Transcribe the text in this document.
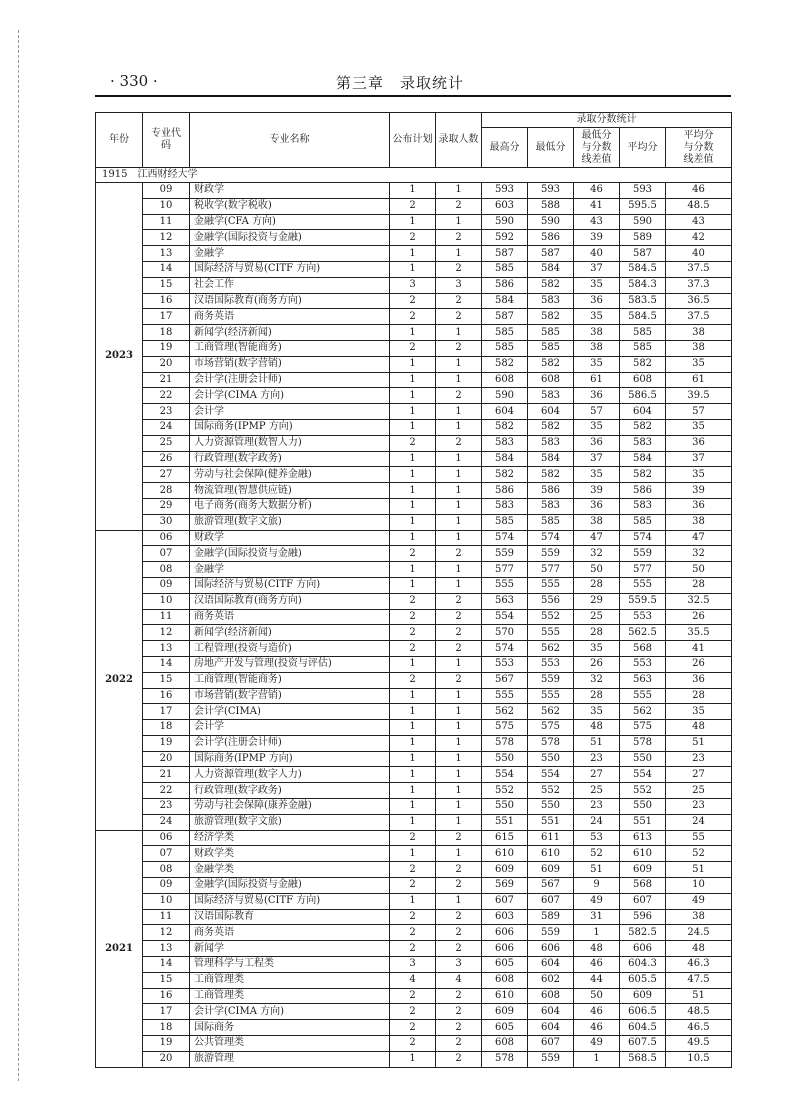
· 330 ·	第三章　录取统计
年份	专业代码	专业名称	公布计划	录取人数	录取分数统计				
					最高分	最低分	最低分与分数线差值	平均分	平均分与分数线差值
1915　江西财经大学									
2023	09	财政学	1	1	593	593	46	593	46
	10	税收学(数字税收)	2	2	603	588	41	595.5	48.5
	11	金融学(CFA 方向)	1	1	590	590	43	590	43
	12	金融学(国际投资与金融)	2	2	592	586	39	589	42
	13	金融学	1	1	587	587	40	587	40
	14	国际经济与贸易(CITF 方向)	1	2	585	584	37	584.5	37.5
	15	社会工作	3	3	586	582	35	584.3	37.3
	16	汉语国际教育(商务方向)	2	2	584	583	36	583.5	36.5
	17	商务英语	2	2	587	582	35	584.5	37.5
	18	新闻学(经济新闻)	1	1	585	585	38	585	38
	19	工商管理(智能商务)	2	2	585	585	38	585	38
	20	市场营销(数字营销)	1	1	582	582	35	582	35
	21	会计学(注册会计师)	1	1	608	608	61	608	61
	22	会计学(CIMA 方向)	1	2	590	583	36	586.5	39.5
	23	会计学	1	1	604	604	57	604	57
	24	国际商务(IPMP 方向)	1	1	582	582	35	582	35
	25	人力资源管理(数智人力)	2	2	583	583	36	583	36
	26	行政管理(数字政务)	1	1	584	584	37	584	37
	27	劳动与社会保障(健养金融)	1	1	582	582	35	582	35
	28	物流管理(智慧供应链)	1	1	586	586	39	586	39
	29	电子商务(商务大数据分析)	1	1	583	583	36	583	36
	30	旅游管理(数字文旅)	1	1	585	585	38	585	38
2022	06	财政学	1	1	574	574	47	574	47
	07	金融学(国际投资与金融)	2	2	559	559	32	559	32
	08	金融学	1	1	577	577	50	577	50
	09	国际经济与贸易(CITF 方向)	1	1	555	555	28	555	28
	10	汉语国际教育(商务方向)	2	2	563	556	29	559.5	32.5
	11	商务英语	2	2	554	552	25	553	26
	12	新闻学(经济新闻)	2	2	570	555	28	562.5	35.5
	13	工程管理(投资与造价)	2	2	574	562	35	568	41
	14	房地产开发与管理(投资与评估)	1	1	553	553	26	553	26
	15	工商管理(智能商务)	2	2	567	559	32	563	36
	16	市场营销(数字营销)	1	1	555	555	28	555	28
	17	会计学(CIMA)	1	1	562	562	35	562	35
	18	会计学	1	1	575	575	48	575	48
	19	会计学(注册会计师)	1	1	578	578	51	578	51
	20	国际商务(IPMP 方向)	1	1	550	550	23	550	23
	21	人力资源管理(数字人力)	1	1	554	554	27	554	27
	22	行政管理(数字政务)	1	1	552	552	25	552	25
	23	劳动与社会保障(康养金融)	1	1	550	550	23	550	23
	24	旅游管理(数字文旅)	1	1	551	551	24	551	24
2021	06	经济学类	2	2	615	611	53	613	55
	07	财政学类	1	1	610	610	52	610	52
	08	金融学类	2	2	609	609	51	609	51
	09	金融学(国际投资与金融)	2	2	569	567	9	568	10
	10	国际经济与贸易(CITF 方向)	1	1	607	607	49	607	49
	11	汉语国际教育	2	2	603	589	31	596	38
	12	商务英语	2	2	606	559	1	582.5	24.5
	13	新闻学	2	2	606	606	48	606	48
	14	管理科学与工程类	3	3	605	604	46	604.3	46.3
	15	工商管理类	4	4	608	602	44	605.5	47.5
	16	工商管理类	2	2	610	608	50	609	51
	17	会计学(CIMA 方向)	2	2	609	604	46	606.5	48.5
	18	国际商务	2	2	605	604	46	604.5	46.5
	19	公共管理类	2	2	608	607	49	607.5	49.5
	20	旅游管理	1	2	578	559	1	568.5	10.5
